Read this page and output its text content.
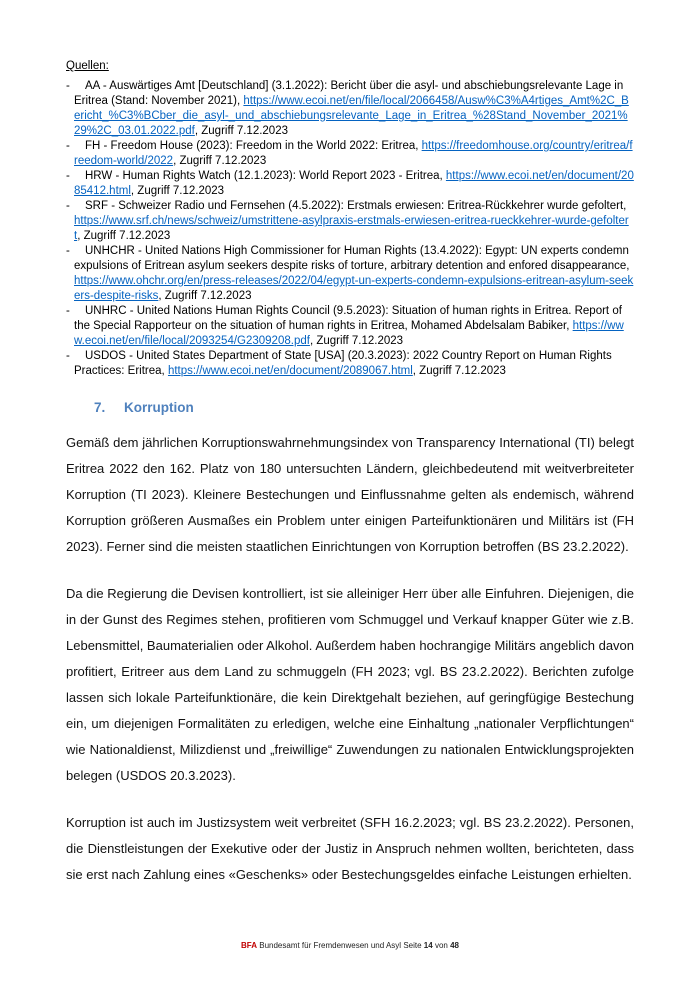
Quellen:
- AA - Auswärtiges Amt [Deutschland] (3.1.2022): Bericht über die asyl- und abschiebungsrelevante Lage in Eritrea (Stand: November 2021), https://www.ecoi.net/en/file/local/2066458/Ausw%C3%A4rtiges_Amt%2C_Bericht_%C3%BCber_die_asyl-_und_abschiebungsrelevante_Lage_in_Eritrea_%28Stand_November_2021%29%2C_03.01.2022.pdf, Zugriff 7.12.2023
- FH - Freedom House (2023): Freedom in the World 2022: Eritrea, https://freedomhouse.org/country/eritrea/freedom-world/2022, Zugriff 7.12.2023
- HRW - Human Rights Watch (12.1.2023): World Report 2023 - Eritrea, https://www.ecoi.net/en/document/2085412.html, Zugriff 7.12.2023
- SRF - Schweizer Radio und Fernsehen (4.5.2022): Erstmals erwiesen: Eritrea-Rückkehrer wurde gefoltert, https://www.srf.ch/news/schweiz/umstrittene-asylpraxis-erstmals-erwiesen-eritrea-rueckkehrer-wurde-gefoltert, Zugriff 7.12.2023
- UNHCHR - United Nations High Commissioner for Human Rights (13.4.2022): Egypt: UN experts condemn expulsions of Eritrean asylum seekers despite risks of torture, arbitrary detention and enfored disappearance, https://www.ohchr.org/en/press-releases/2022/04/egypt-un-experts-condemn-expulsions-eritrean-asylum-seekers-despite-risks, Zugriff 7.12.2023
- UNHRC - United Nations Human Rights Council (9.5.2023): Situation of human rights in Eritrea. Report of the Special Rapporteur on the situation of human rights in Eritrea, Mohamed Abdelsalam Babiker, https://www.ecoi.net/en/file/local/2093254/G2309208.pdf, Zugriff 7.12.2023
- USDOS - United States Department of State [USA] (20.3.2023): 2022 Country Report on Human Rights Practices: Eritrea, https://www.ecoi.net/en/document/2089067.html, Zugriff 7.12.2023
7. Korruption

Gemäß dem jährlichen Korruptionswahrnehmungsindex von Transparency International (TI) belegt Eritrea 2022 den 162. Platz von 180 untersuchten Ländern, gleichbedeutend mit weitverbreiteter Korruption (TI 2023). Kleinere Bestechungen und Einflussnahme gelten als endemisch, während Korruption größeren Ausmaßes ein Problem unter einigen Parteifunktionären und Militärs ist (FH 2023). Ferner sind die meisten staatlichen Einrichtungen von Korruption betroffen (BS 23.2.2022).

Da die Regierung die Devisen kontrolliert, ist sie alleiniger Herr über alle Einfuhren. Diejenigen, die in der Gunst des Regimes stehen, profitieren vom Schmuggel und Verkauf knapper Güter wie z.B. Lebensmittel, Baumaterialien oder Alkohol. Außerdem haben hochrangige Militärs angeblich davon profitiert, Eritreer aus dem Land zu schmuggeln (FH 2023; vgl. BS 23.2.2022). Berichten zufolge lassen sich lokale Parteifunktionäre, die kein Direktgehalt beziehen, auf geringfügige Bestechung ein, um diejenigen Formalitäten zu erledigen, welche eine Einhaltung „nationaler Verpflichtungen“ wie Nationaldienst, Milizdienst und „freiwillige“ Zuwendungen zu nationalen Entwicklungsprojekten belegen (USDOS 20.3.2023).

Korruption ist auch im Justizsystem weit verbreitet (SFH 16.2.2023; vgl. BS 23.2.2022). Personen, die Dienstleistungen der Exekutive oder der Justiz in Anspruch nehmen wollten, berichteten, dass sie erst nach Zahlung eines «Geschenks» oder Bestechungsgeldes einfache Leistungen erhielten.

BFA Bundesamt für Fremdenwesen und Asyl Seite 14 von 48
